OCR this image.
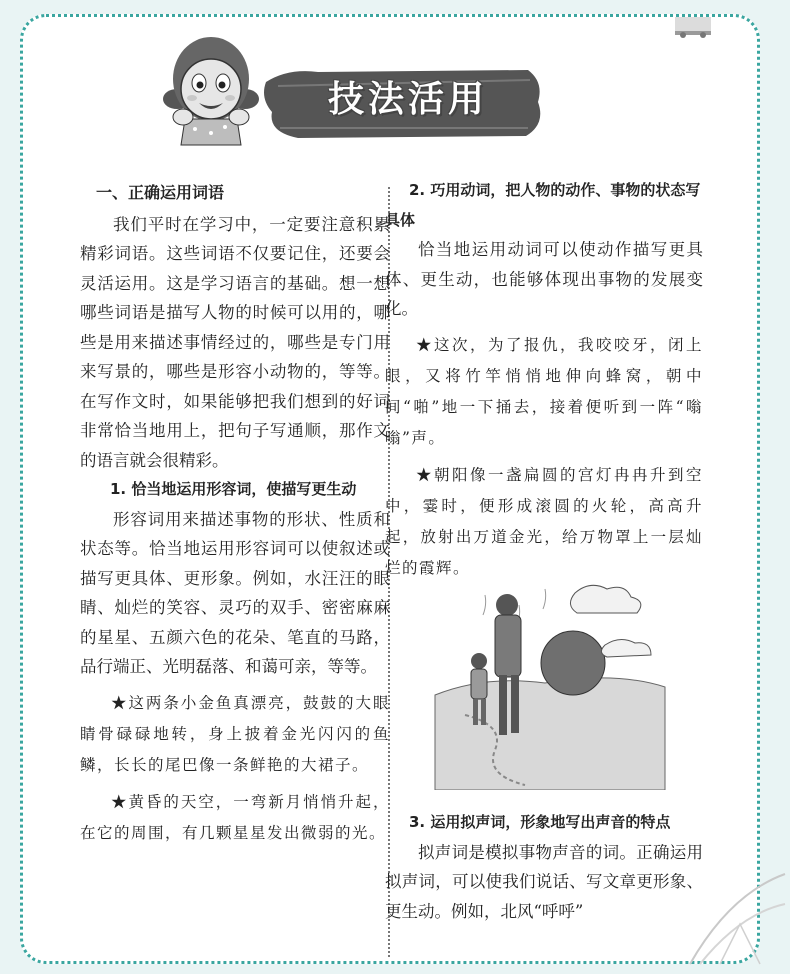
技法活用

一、正确运用词语

我们平时在学习中，一定要注意积累精彩词语。这些词语不仅要记住，还要会灵活运用。这是学习语言的基础。想一想哪些词语是描写人物的时候可以用的，哪些是用来描述事情经过的，哪些是专门用来写景的，哪些是形容小动物的，等等。在写作文时，如果能够把我们想到的好词非常恰当地用上，把句子写通顺，那作文的语言就会很精彩。

1. 恰当地运用形容词，使描写更生动

形容词用来描述事物的形状、性质和状态等。恰当地运用形容词可以使叙述或描写更具体、更形象。例如，水汪汪的眼睛、灿烂的笑容、灵巧的双手、密密麻麻的星星、五颜六色的花朵、笔直的马路，品行端正、光明磊落、和蔼可亲，等等。

★这两条小金鱼真漂亮，鼓鼓的大眼睛骨碌碌地转，身上披着金光闪闪的鱼鳞，长长的尾巴像一条鲜艳的大裙子。

★黄昏的天空，一弯新月悄悄升起，在它的周围，有几颗星星发出微弱的光。

2. 巧用动词，把人物的动作、事物的状态写具体

恰当地运用动词可以使动作描写更具体、更生动，也能够体现出事物的发展变化。

★这次，为了报仇，我咬咬牙，闭上眼，又将竹竿悄悄地伸向蜂窝，朝中间“啪”地一下捅去，接着便听到一阵“嗡嗡”声。

★朝阳像一盏扁圆的宫灯冉冉升到空中，霎时，便形成滚圆的火轮，高高升起，放射出万道金光，给万物罩上一层灿烂的霞辉。

3. 运用拟声词，形象地写出声音的特点

拟声词是模拟事物声音的词。正确运用拟声词，可以使我们说话、写文章更形象、更生动。例如，北风“呼呼”
